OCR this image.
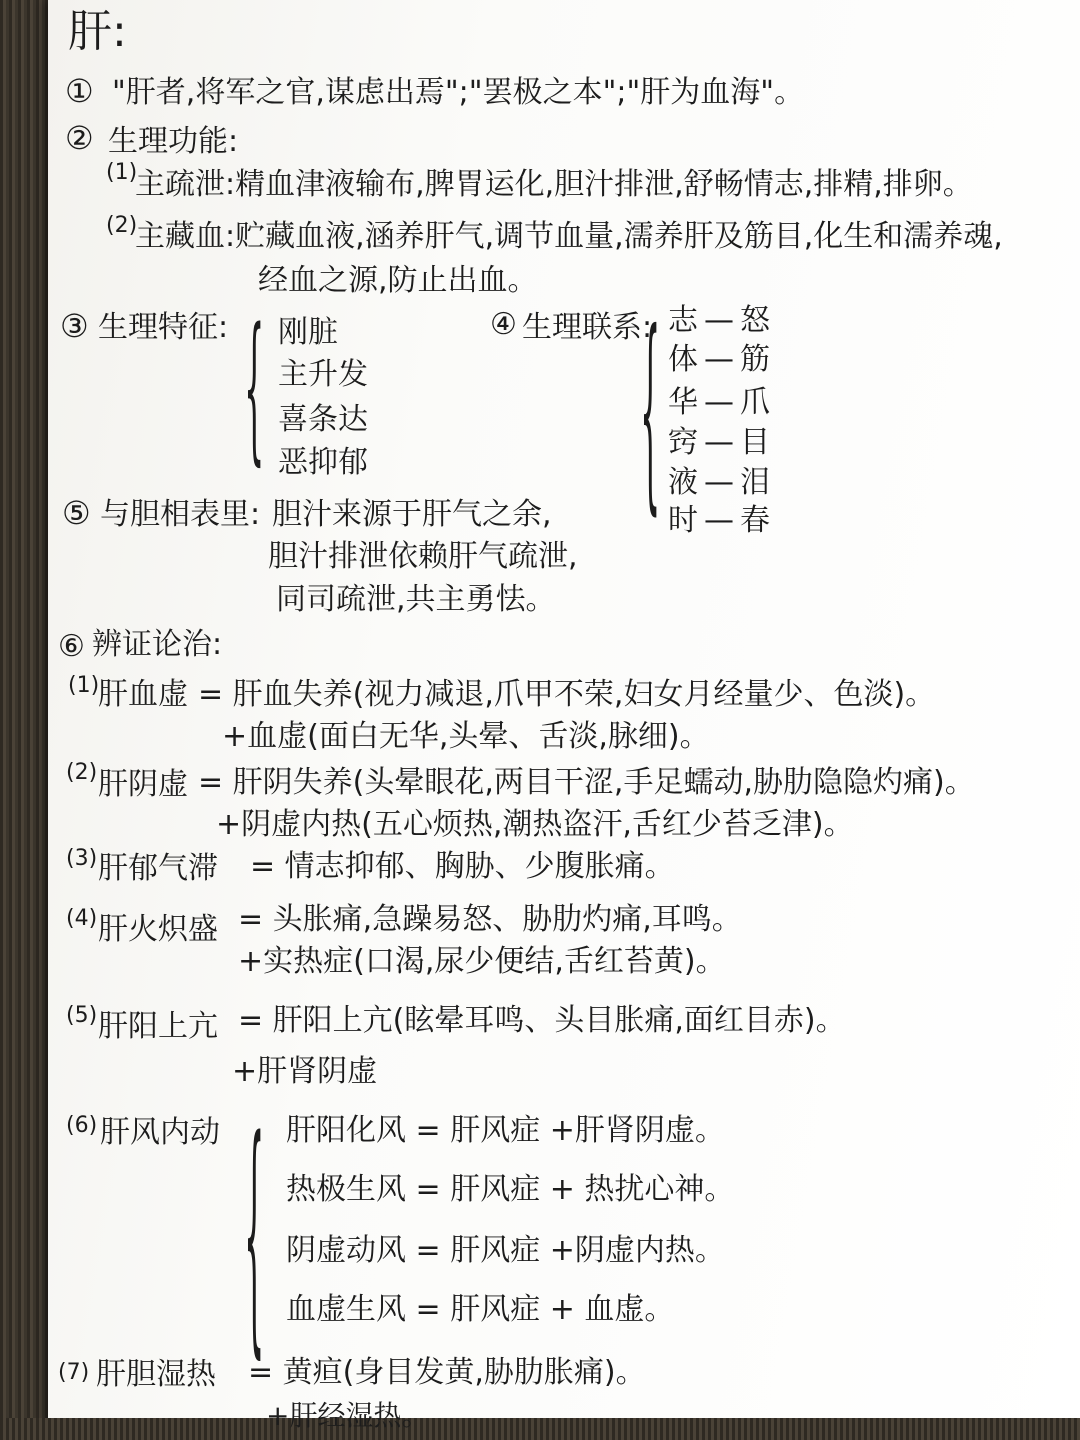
肝:
① "肝者,将军之官,谋虑出焉";"罢极之本";"肝为血海"。
② 生理功能:
(1)
主疏泄:精血津液输布,脾胃运化,胆汁排泄,舒畅情志,排精,排卵。
(2)
主藏血:贮藏血液,涵养肝气,调节血量,濡养肝及筋目,化生和濡养魂,
经血之源,防止出血。
③ 生理特征: { 刚脏
主升发
喜条达
恶抑郁
④ 生理联系:
{ 志 — 怒
体 — 筋
华 — 爪
窍 — 目
液 — 泪
时 — 春
⑤ 与胆相表里: 胆汁来源于肝气之余,
胆汁排泄依赖肝气疏泄,
同司疏泄,共主勇怯。
⑥ 辨证论治:
(1)
肝血虚 = 肝血失养(视力减退,爪甲不荣,妇女月经量少、色淡)。
+血虚(面白无华,头晕、舌淡,脉细)。
(2) 肝阴虚 = 肝阴失养(头晕眼花,两目干涩,手足蠕动,胁肋隐隐灼痛)。
+阴虚内热(五心烦热,潮热盗汗,舌红少苔乏津)。
(3) 肝郁气滞 = 情志抑郁、胸胁、少腹胀痛。
(4) 肝火炽盛 = 头胀痛,急躁易怒、胁肋灼痛,耳鸣。
+实热症(口渴,尿少便结,舌红苔黄)。
(5) 肝阳上亢 = 肝阳上亢(眩晕耳鸣、头目胀痛,面红目赤)。
+肝肾阴虚
(6) 肝风内动 { 肝阳化风 = 肝风症 +肝肾阴虚。
热极生风 = 肝风症 + 热扰心神。
阴虚动风 = 肝风症 +阴虚内热。
血虚生风 = 肝风症 + 血虚。
(7) 肝胆湿热 = 黄疸(身目发黄,胁肋胀痛)。
+肝经湿热。
